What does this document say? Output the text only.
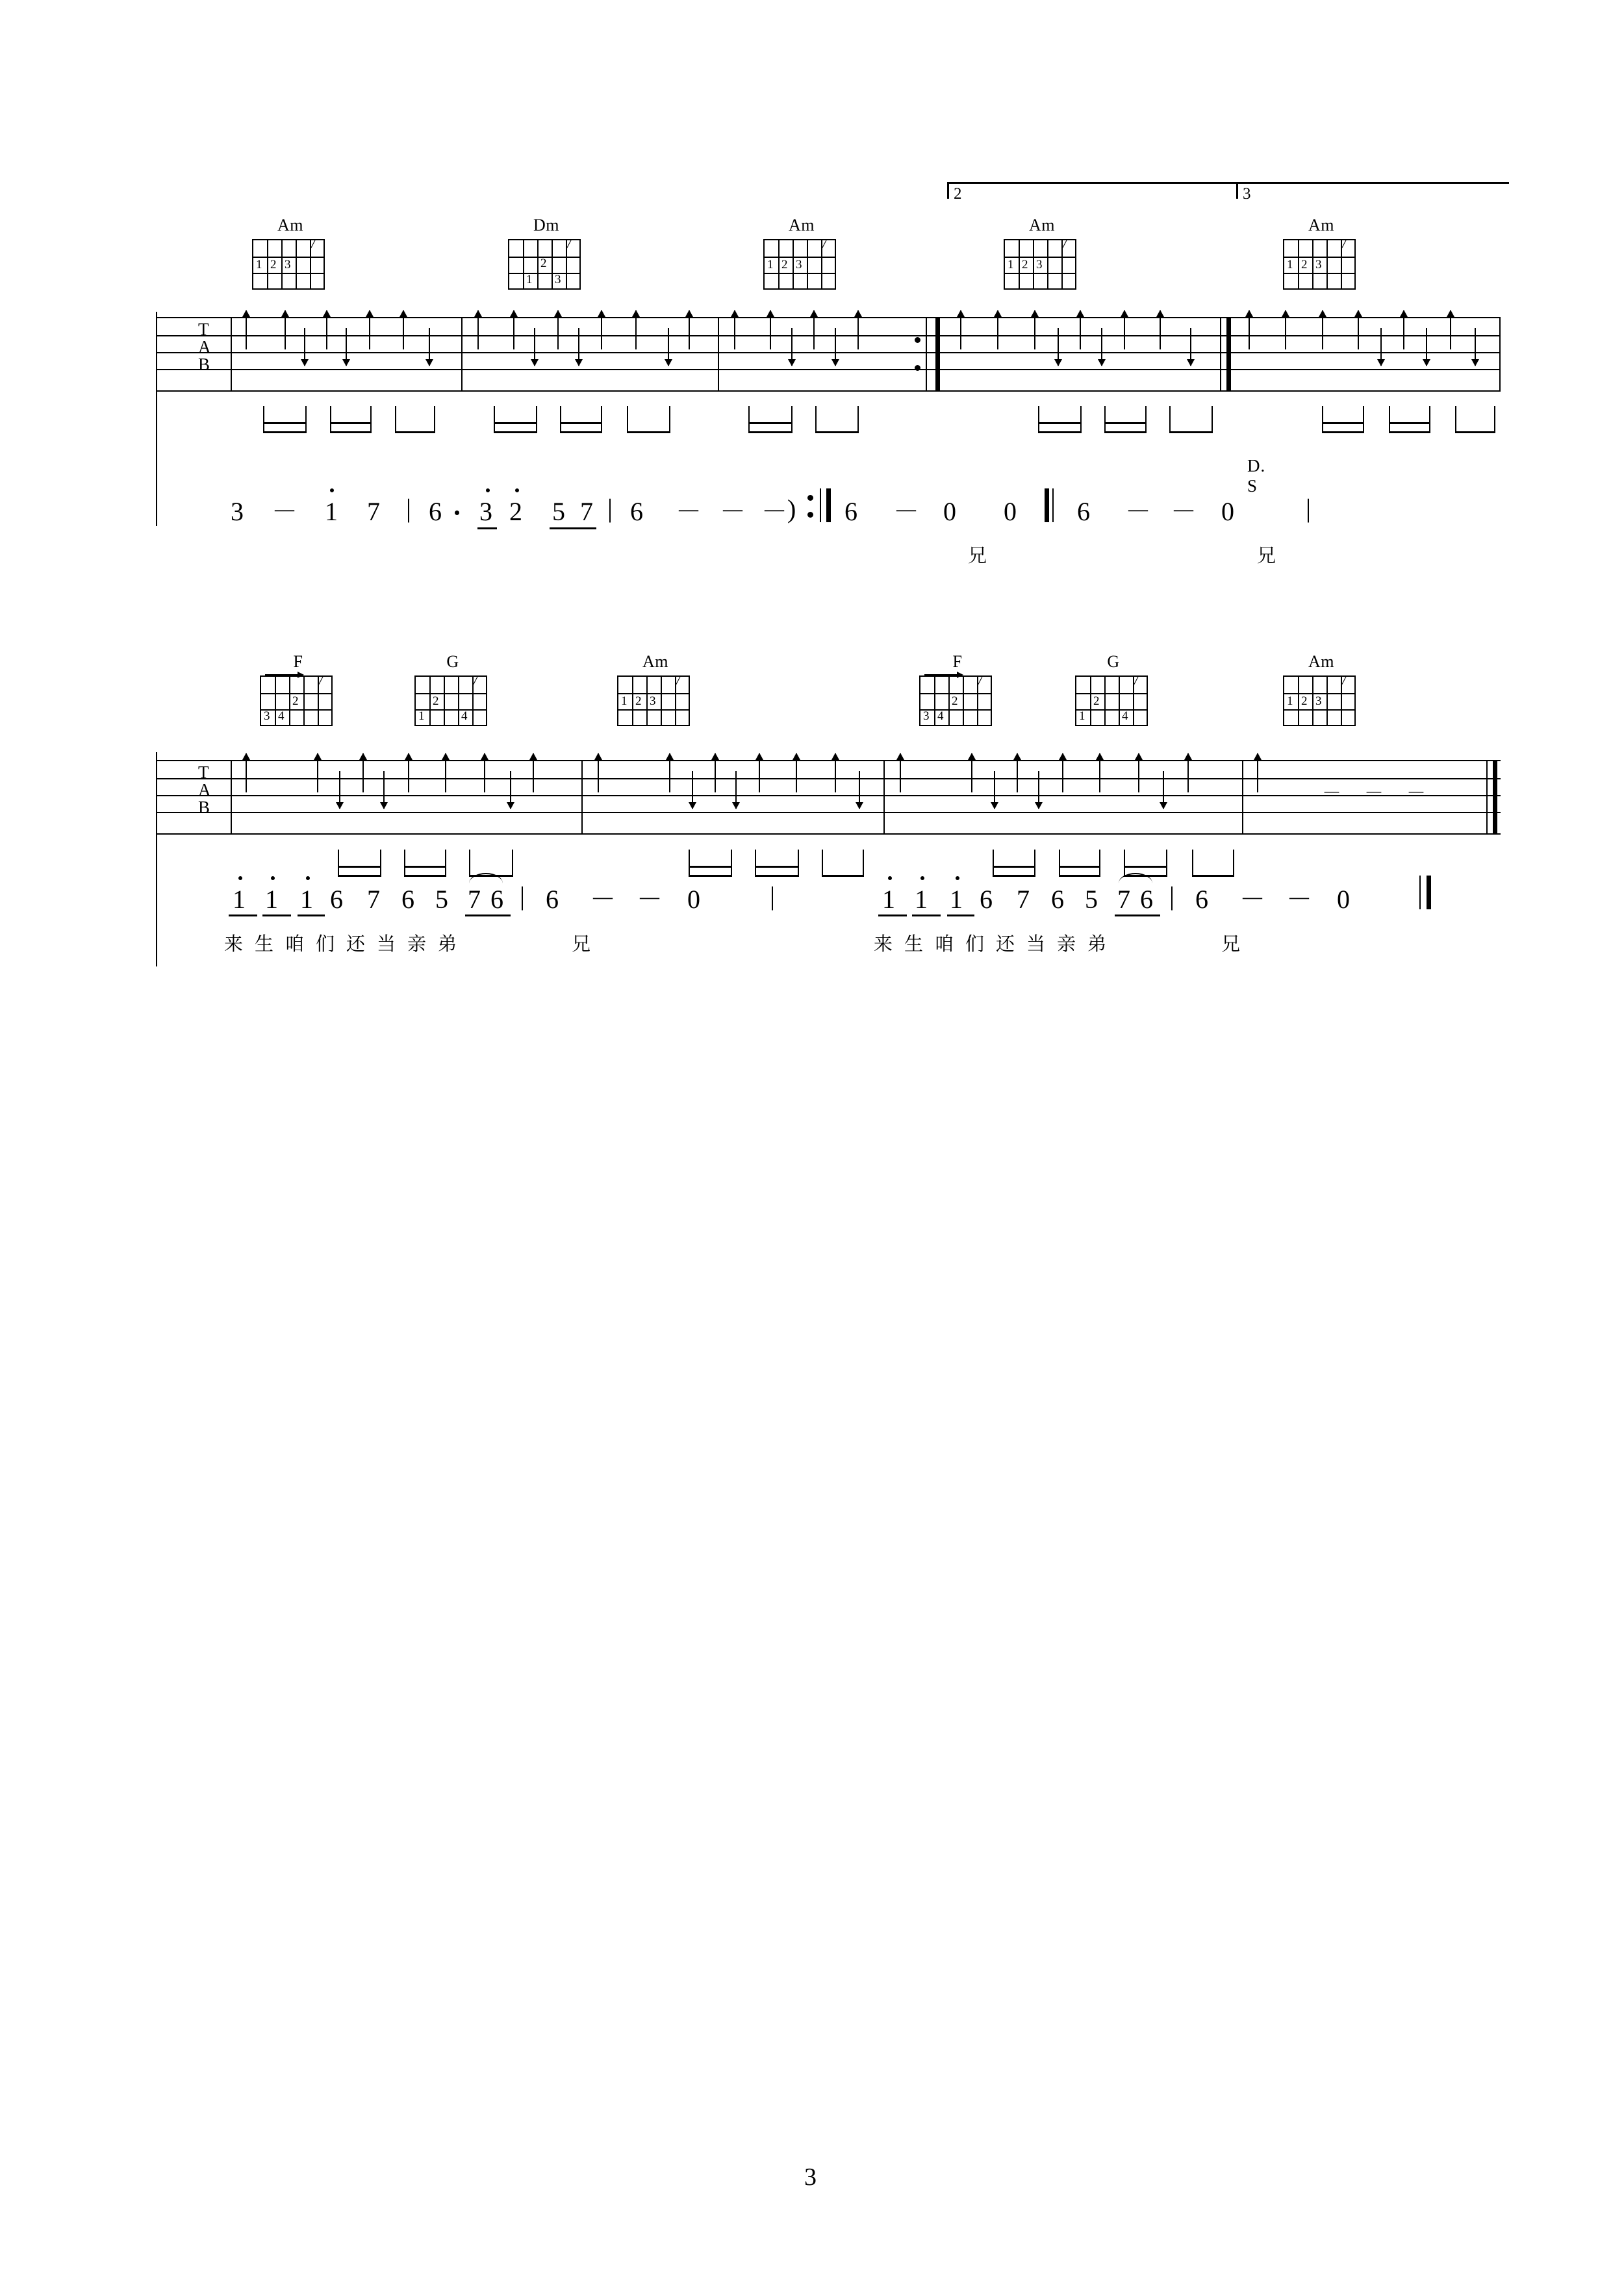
2	3
Am
1 2 3
/
Dm
2
1 3
/
Am
1 2 3
/
Am
1 2 3
/
Am
1 2 3
/
T
A
B	－
D. S

3 － 1 7 | 6 3 2 5 7 | 6 － － － ) 6 － 0 0 6 － － 0	|
兄	兄
F
3 4
2
/
G
2
1	4
/
Am
1 2 3
/
F
3 4
2
/
G
2
1	4
/
Am
1 2 3
/
T
A
B
－ － －
1 1 1 6 7 6 5 7 6 | 6 － － 0	|	1 1 1 6 7 6 5 7 6 | 6 － － 0
来生咱们还当亲弟	兄	来生咱们还当亲弟	兄
3
